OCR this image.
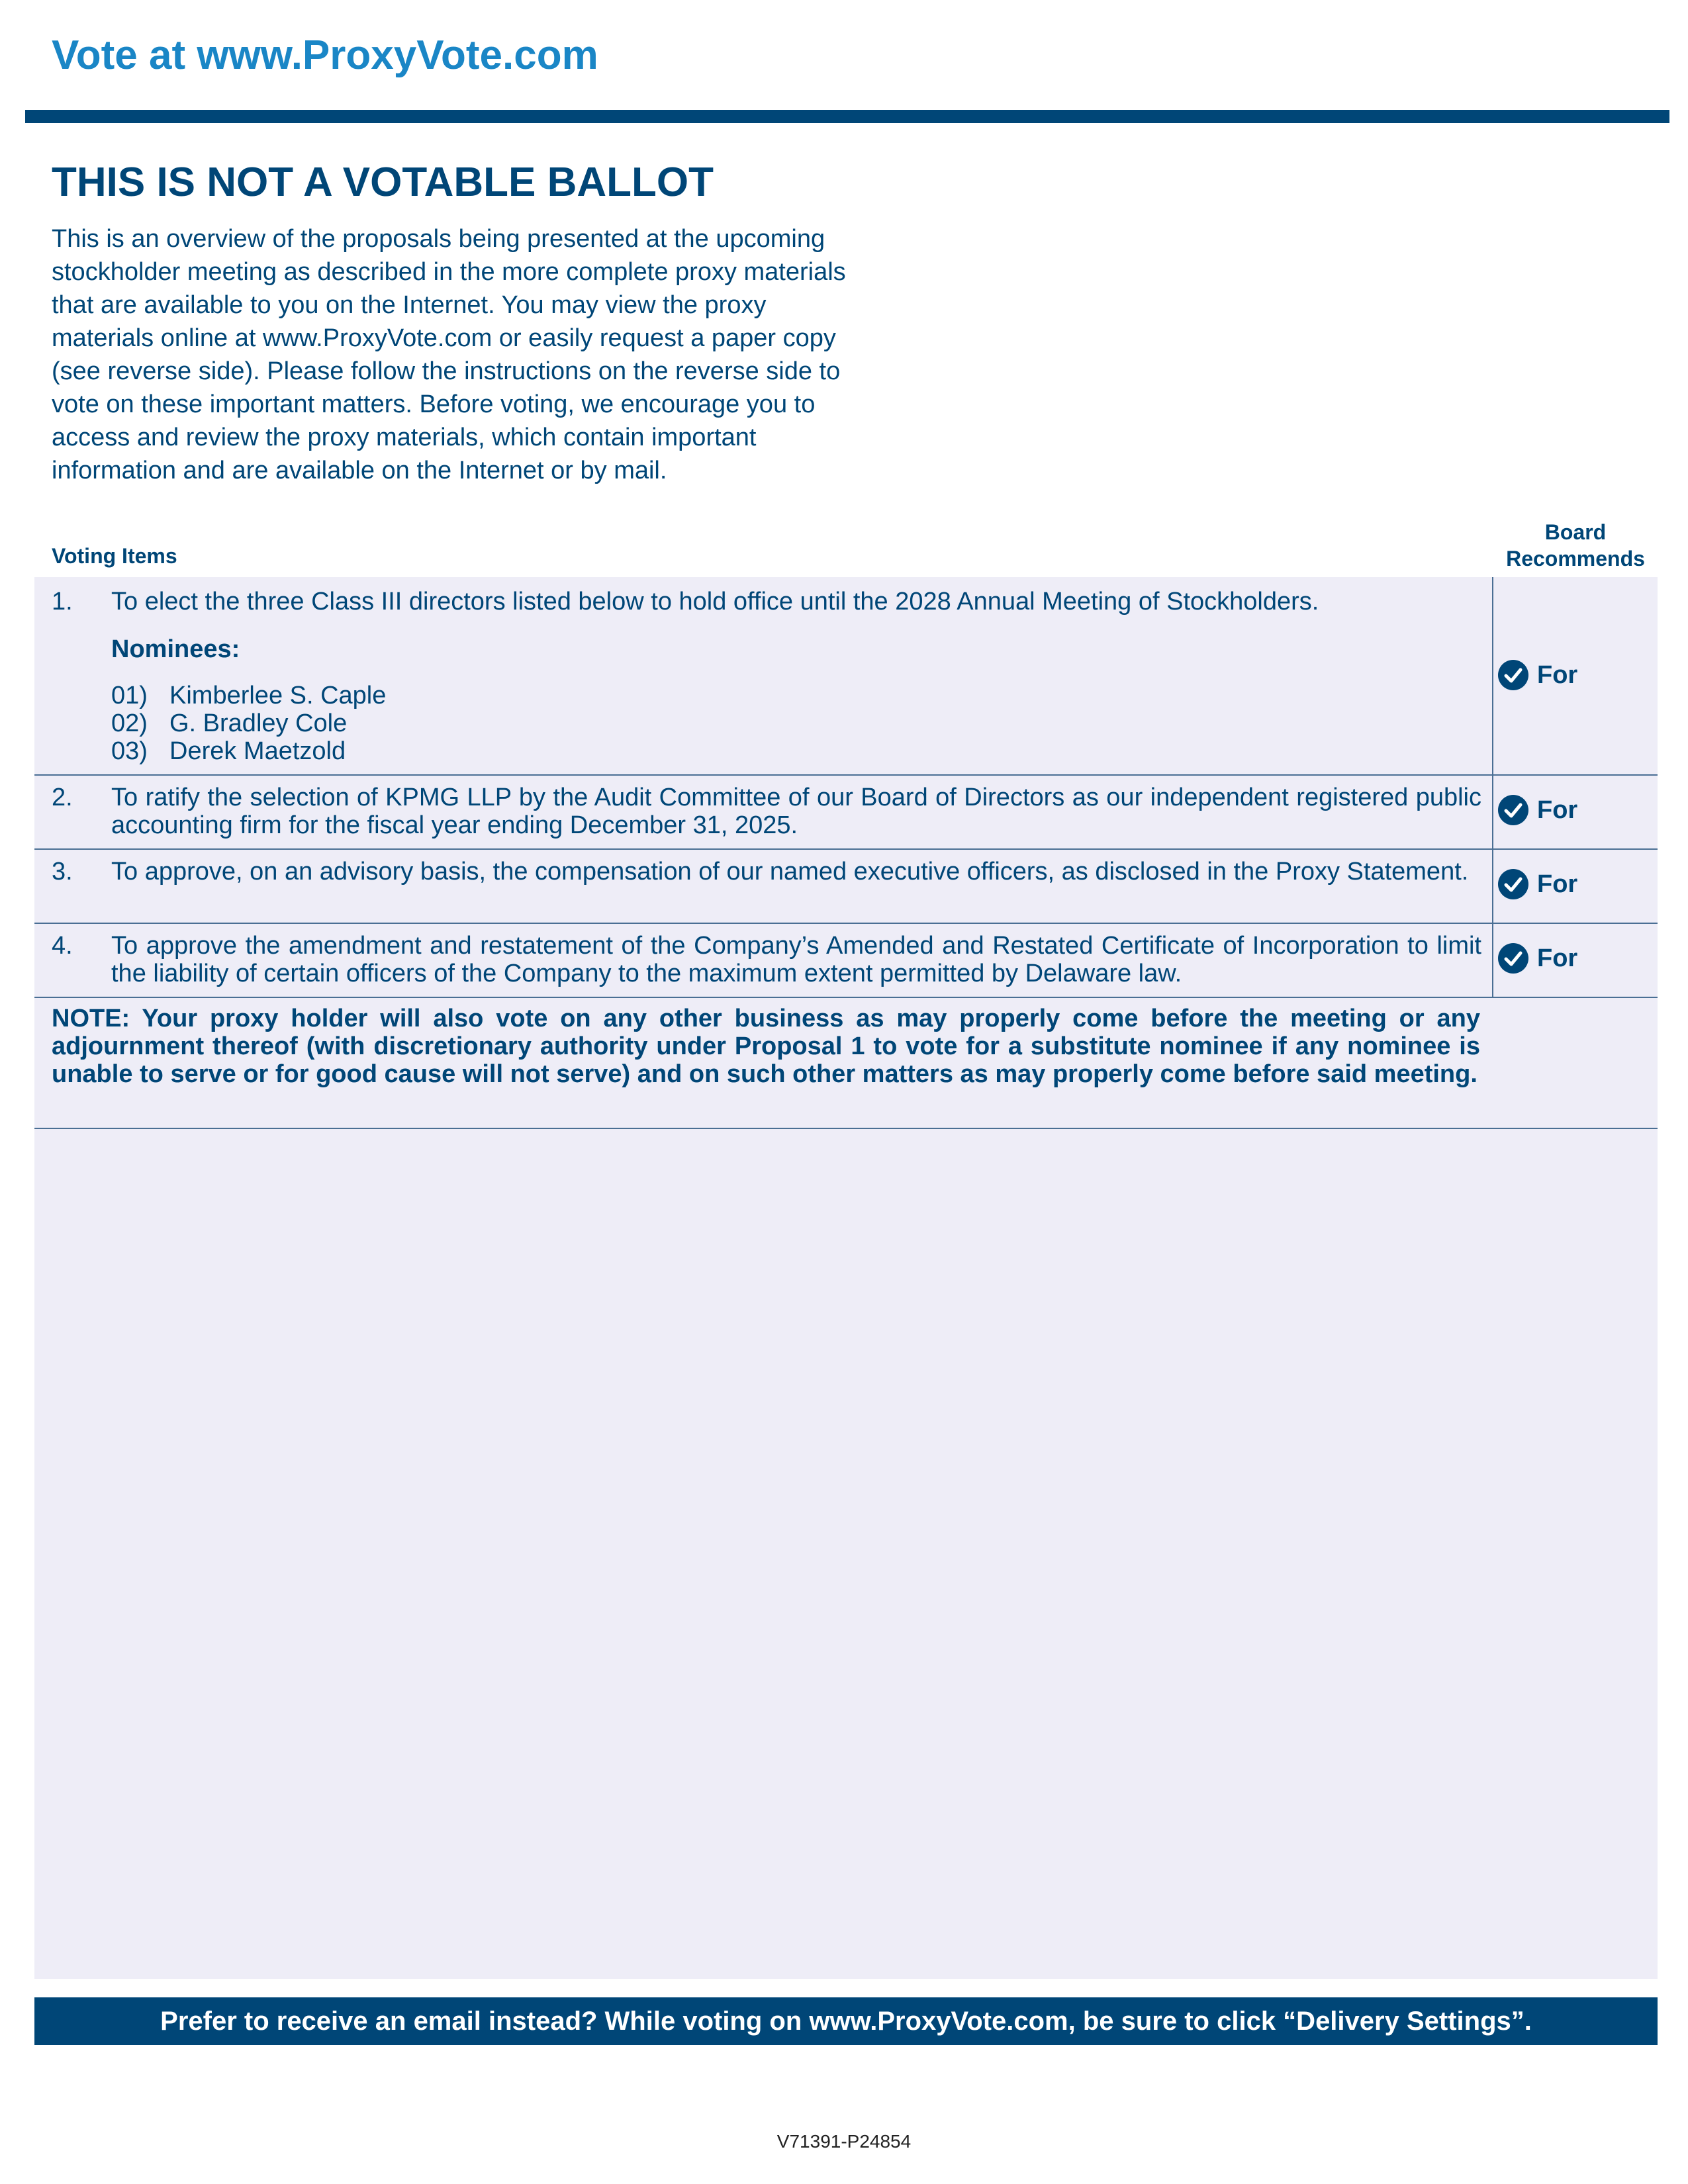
Vote at www.ProxyVote.com
THIS IS NOT A VOTABLE BALLOT
This is an overview of the proposals being presented at the upcoming stockholder meeting as described in the more complete proxy materials that are available to you on the Internet. You may view the proxy materials online at www.ProxyVote.com or easily request a paper copy (see reverse side). Please follow the instructions on the reverse side to vote on these important matters. Before voting, we encourage you to access and review the proxy materials, which contain important information and are available on the Internet or by mail.
Voting Items
Board
Recommends
1. To elect the three Class III directors listed below to hold office until the 2028 Annual Meeting of Stockholders.
Nominees:
01) Kimberlee S. Caple
02) G. Bradley Cole
03) Derek Maetzold
For
2. To ratify the selection of KPMG LLP by the Audit Committee of our Board of Directors as our independent registered public accounting firm for the fiscal year ending December 31, 2025.
For
3. To approve, on an advisory basis, the compensation of our named executive officers, as disclosed in the Proxy Statement.	For
4. To approve the amendment and restatement of the Company’s Amended and Restated Certificate of Incorporation to limit the liability of certain officers of the Company to the maximum extent permitted by Delaware law.
For
NOTE: Your proxy holder will also vote on any other business as may properly come before the meeting or any adjournment thereof (with discretionary authority under Proposal 1 to vote for a substitute nominee if any nominee is unable to serve or for good cause will not serve) and on such other matters as may properly come before said meeting.
Prefer to receive an email instead? While voting on www.ProxyVote.com, be sure to click “Delivery Settings”.
V71391-P24854
